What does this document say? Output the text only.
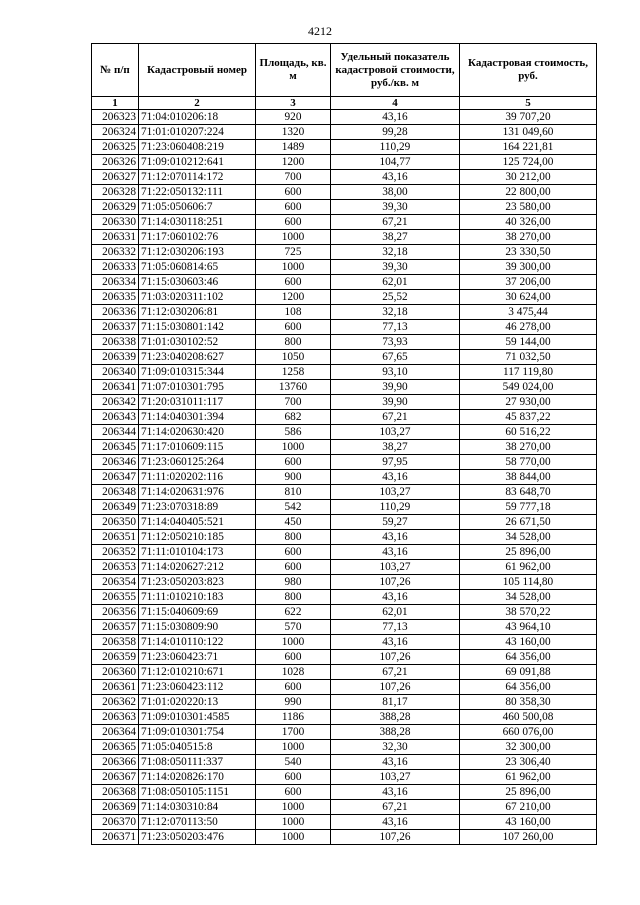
4212
№ п/п	Кадастровый номер	Площадь, кв. м	Удельный показатель кадастровой стоимости, руб./кв. м	Кадастровая стоимость, руб.
1	2	3	4	5
206323	71:04:010206:18	920	43,16	39 707,20
206324	71:01:010207:224	1320	99,28	131 049,60
206325	71:23:060408:219	1489	110,29	164 221,81
206326	71:09:010212:641	1200	104,77	125 724,00
206327	71:12:070114:172	700	43,16	30 212,00
206328	71:22:050132:111	600	38,00	22 800,00
206329	71:05:050606:7	600	39,30	23 580,00
206330	71:14:030118:251	600	67,21	40 326,00
206331	71:17:060102:76	1000	38,27	38 270,00
206332	71:12:030206:193	725	32,18	23 330,50
206333	71:05:060814:65	1000	39,30	39 300,00
206334	71:15:030603:46	600	62,01	37 206,00
206335	71:03:020311:102	1200	25,52	30 624,00
206336	71:12:030206:81	108	32,18	3 475,44
206337	71:15:030801:142	600	77,13	46 278,00
206338	71:01:030102:52	800	73,93	59 144,00
206339	71:23:040208:627	1050	67,65	71 032,50
206340	71:09:010315:344	1258	93,10	117 119,80
206341	71:07:010301:795	13760	39,90	549 024,00
206342	71:20:031011:117	700	39,90	27 930,00
206343	71:14:040301:394	682	67,21	45 837,22
206344	71:14:020630:420	586	103,27	60 516,22
206345	71:17:010609:115	1000	38,27	38 270,00
206346	71:23:060125:264	600	97,95	58 770,00
206347	71:11:020202:116	900	43,16	38 844,00
206348	71:14:020631:976	810	103,27	83 648,70
206349	71:23:070318:89	542	110,29	59 777,18
206350	71:14:040405:521	450	59,27	26 671,50
206351	71:12:050210:185	800	43,16	34 528,00
206352	71:11:010104:173	600	43,16	25 896,00
206353	71:14:020627:212	600	103,27	61 962,00
206354	71:23:050203:823	980	107,26	105 114,80
206355	71:11:010210:183	800	43,16	34 528,00
206356	71:15:040609:69	622	62,01	38 570,22
206357	71:15:030809:90	570	77,13	43 964,10
206358	71:14:010110:122	1000	43,16	43 160,00
206359	71:23:060423:71	600	107,26	64 356,00
206360	71:12:010210:671	1028	67,21	69 091,88
206361	71:23:060423:112	600	107,26	64 356,00
206362	71:01:020220:13	990	81,17	80 358,30
206363	71:09:010301:4585	1186	388,28	460 500,08
206364	71:09:010301:754	1700	388,28	660 076,00
206365	71:05:040515:8	1000	32,30	32 300,00
206366	71:08:050111:337	540	43,16	23 306,40
206367	71:14:020826:170	600	103,27	61 962,00
206368	71:08:050105:1151	600	43,16	25 896,00
206369	71:14:030310:84	1000	67,21	67 210,00
206370	71:12:070113:50	1000	43,16	43 160,00
206371	71:23:050203:476	1000	107,26	107 260,00
